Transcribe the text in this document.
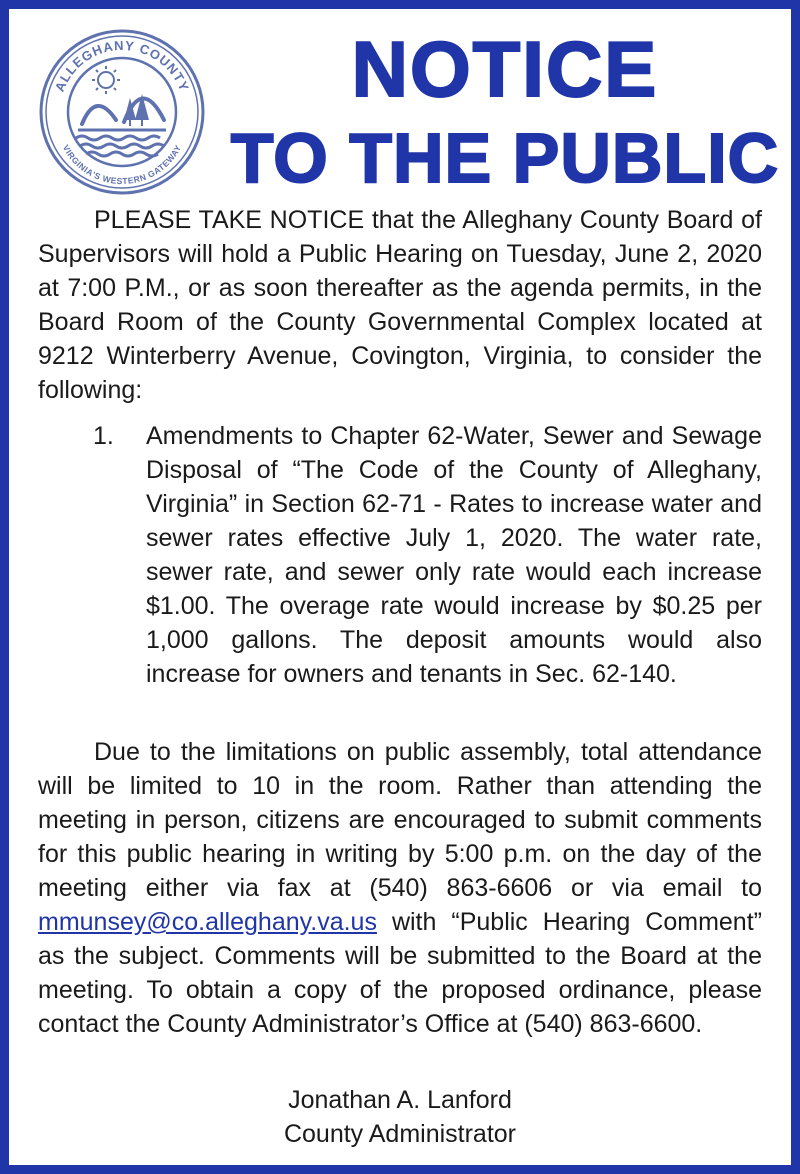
ALLEGHANY COUNTY
VIRGINIA'S WESTERN GATEWAY
NOTICE
TO THE PUBLIC

PLEASE TAKE NOTICE that the Alleghany County Board of Supervisors will hold a Public Hearing on Tuesday, June 2, 2020 at 7:00 P.M., or as soon thereafter as the agenda permits, in the Board Room of the County Governmental Complex located at 9212 Winterberry Avenue, Covington, Virginia, to consider the following:

1. Amendments to Chapter 62-Water, Sewer and Sewage Disposal of “The Code of the County of Alleghany, Virginia” in Section 62-71 - Rates to increase water and sewer rates effective July 1, 2020. The water rate, sewer rate, and sewer only rate would each increase $1.00. The overage rate would increase by $0.25 per 1,000 gallons. The deposit amounts would also increase for owners and tenants in Sec. 62-140.

Due to the limitations on public assembly, total attendance will be limited to 10 in the room. Rather than attending the meeting in person, citizens are encouraged to submit comments for this public hearing in writing by 5:00 p.m. on the day of the meeting either via fax at (540) 863-6606 or via email to mmunsey@co.alleghany.va.us with “Public Hearing Comment” as the subject. Comments will be submitted to the Board at the meeting. To obtain a copy of the proposed ordinance, please contact the County Administrator’s Office at (540) 863-6600.

Jonathan A. Lanford
County Administrator
